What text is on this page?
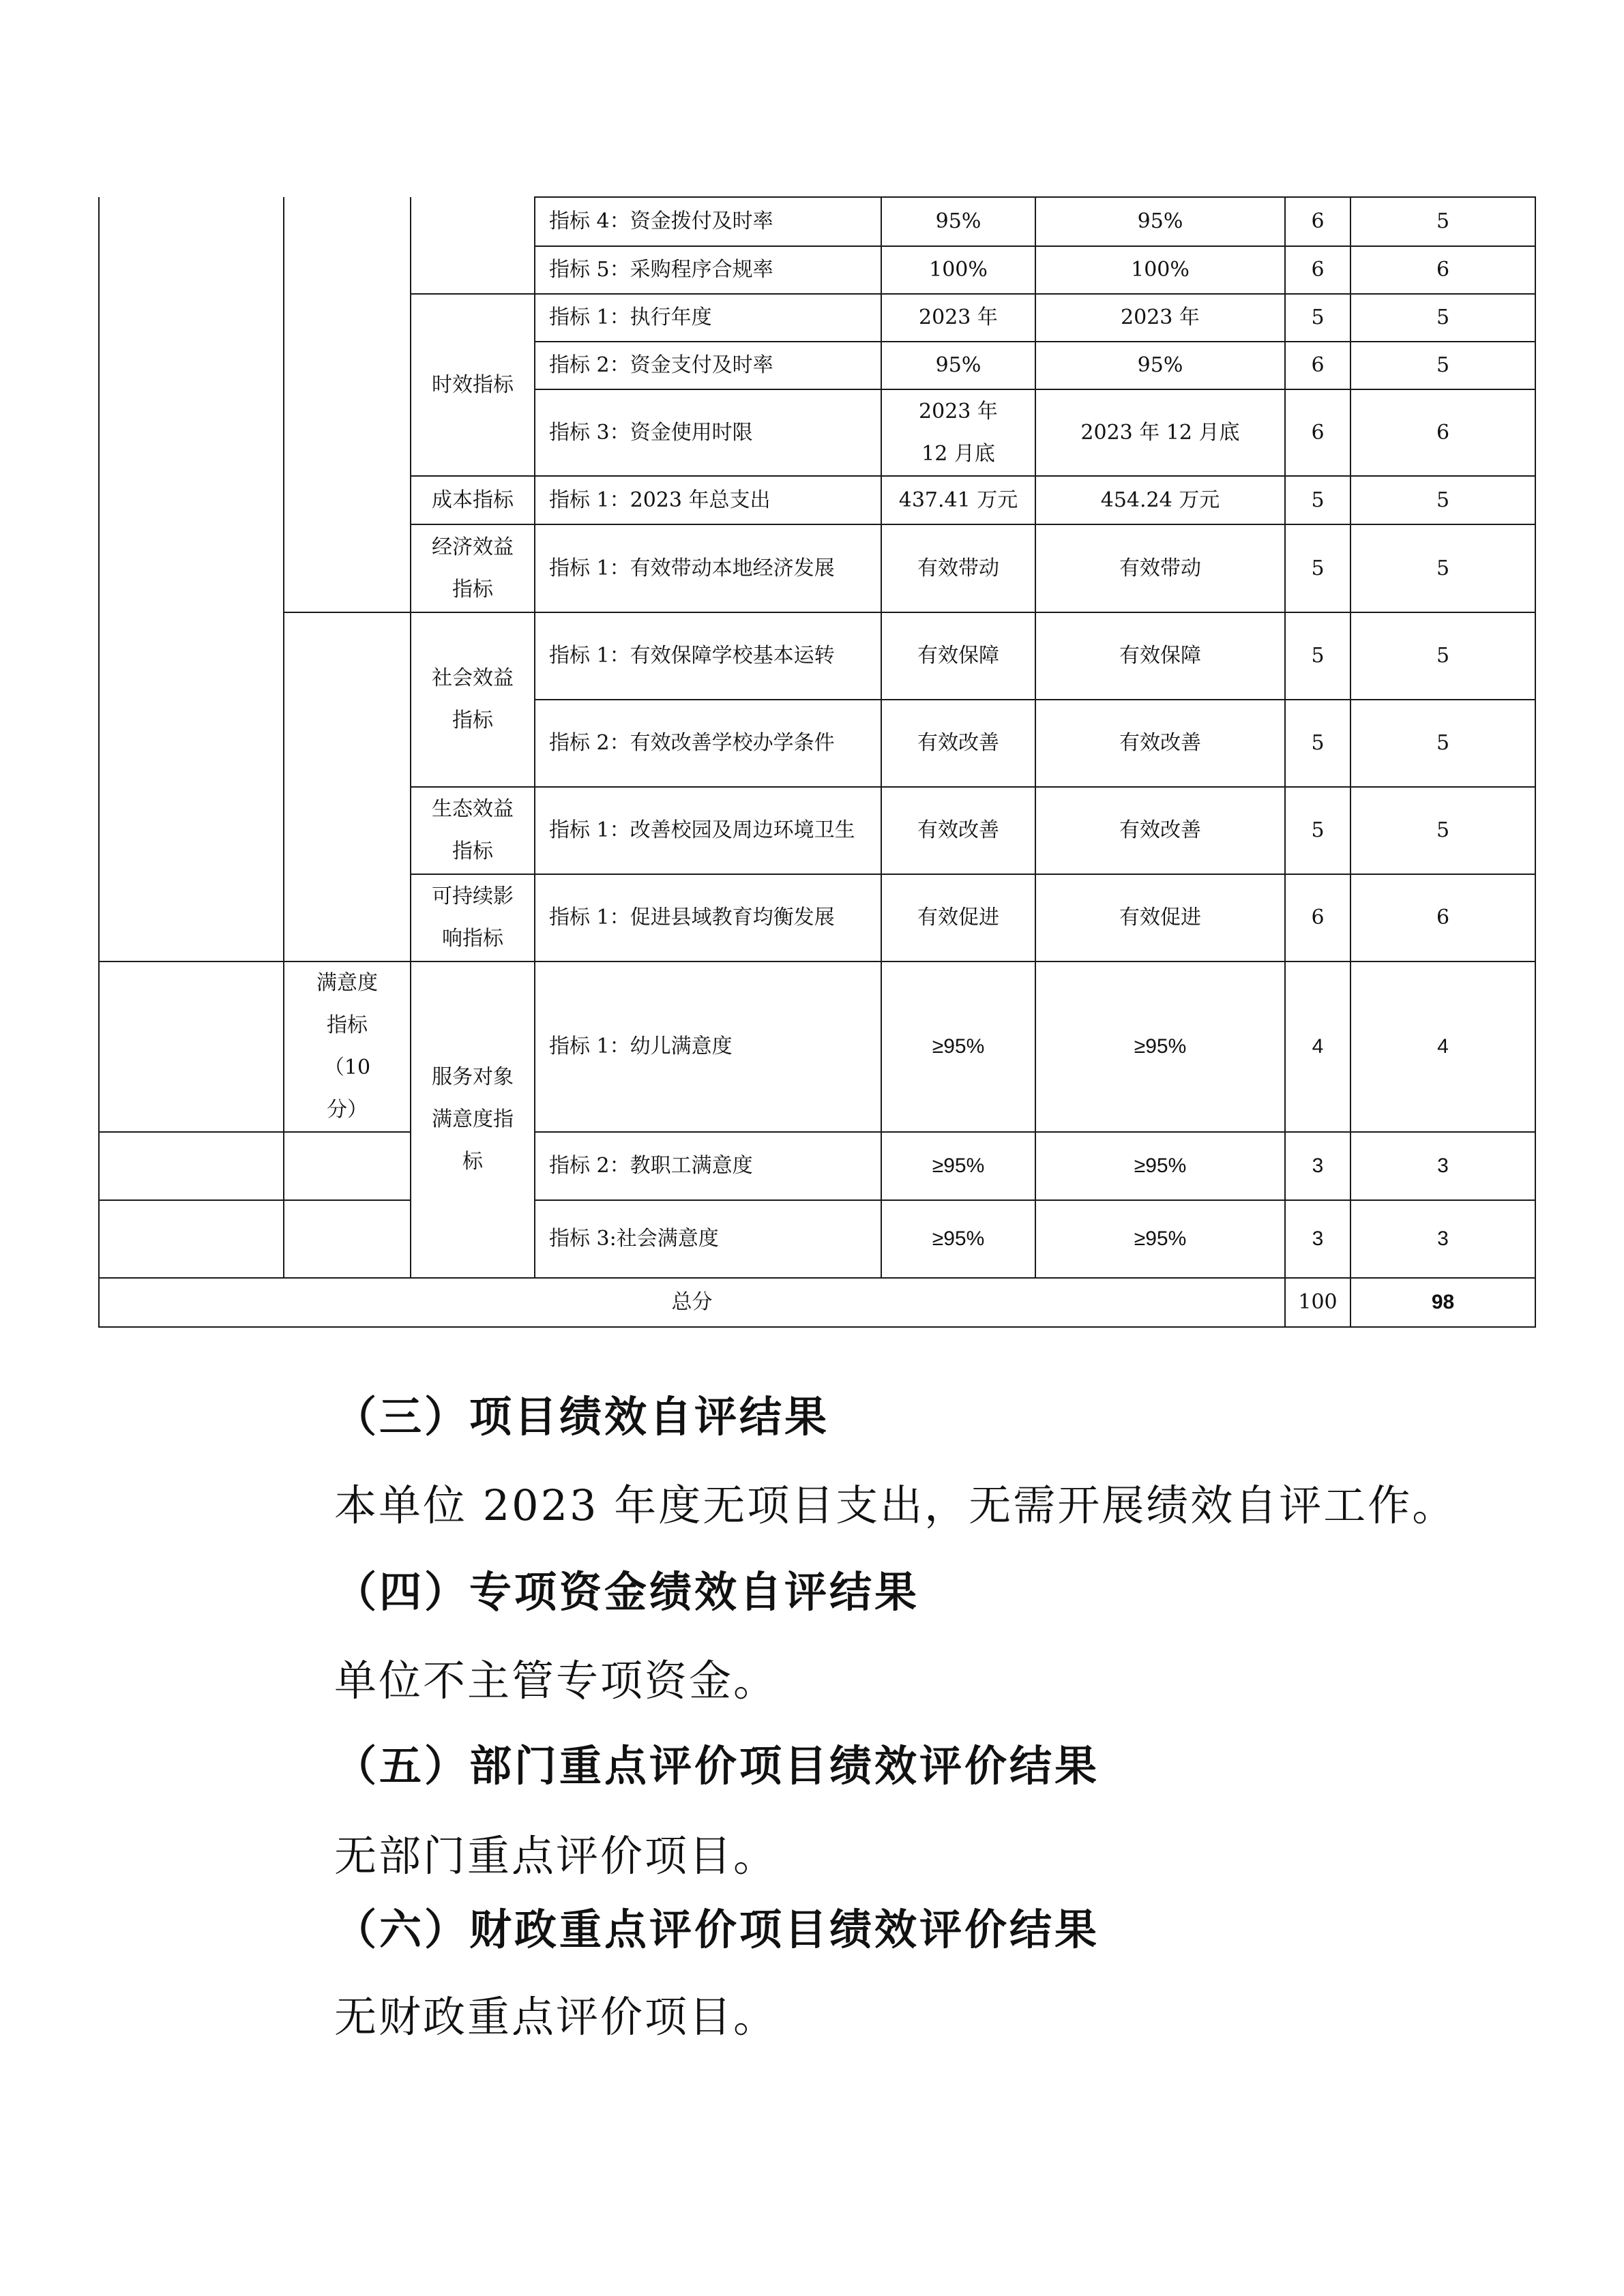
			指标 4：资金拨付及时率	95%	95%	6	5
			指标 5：采购程序合规率	100%	100%	6	6
		时效指标	指标 1：执行年度	2023 年	2023 年	5	5
			指标 2：资金支付及时率	95%	95%	6	5
			指标 3：资金使用时限	2023 年 12 月底	2023 年 12 月底	6	6
		成本指标	指标 1：2023 年总支出	437.41 万元	454.24 万元	5	5
		经济效益指标	指标 1：有效带动本地经济发展	有效带动	有效带动	5	5
		社会效益指标	指标 1：有效保障学校基本运转	有效保障	有效保障	5	5
			指标 2：有效改善学校办学条件	有效改善	有效改善	5	5
		生态效益指标	指标 1：改善校园及周边环境卫生	有效改善	有效改善	5	5
		可持续影响指标	指标 1：促进县域教育均衡发展	有效促进	有效促进	6	6
	满意度指标（10 分）	服务对象满意度指标	指标 1：幼儿满意度	≥95%	≥95%	4	4
			指标 2：教职工满意度	≥95%	≥95%	3	3
			指标 3:社会满意度	≥95%	≥95%	3	3
总分						100	98

（三）项目绩效自评结果

本单位 2023 年度无项目支出，无需开展绩效自评工作。

（四）专项资金绩效自评结果

单位不主管专项资金。

（五）部门重点评价项目绩效评价结果

无部门重点评价项目。

（六）财政重点评价项目绩效评价结果

无财政重点评价项目。
